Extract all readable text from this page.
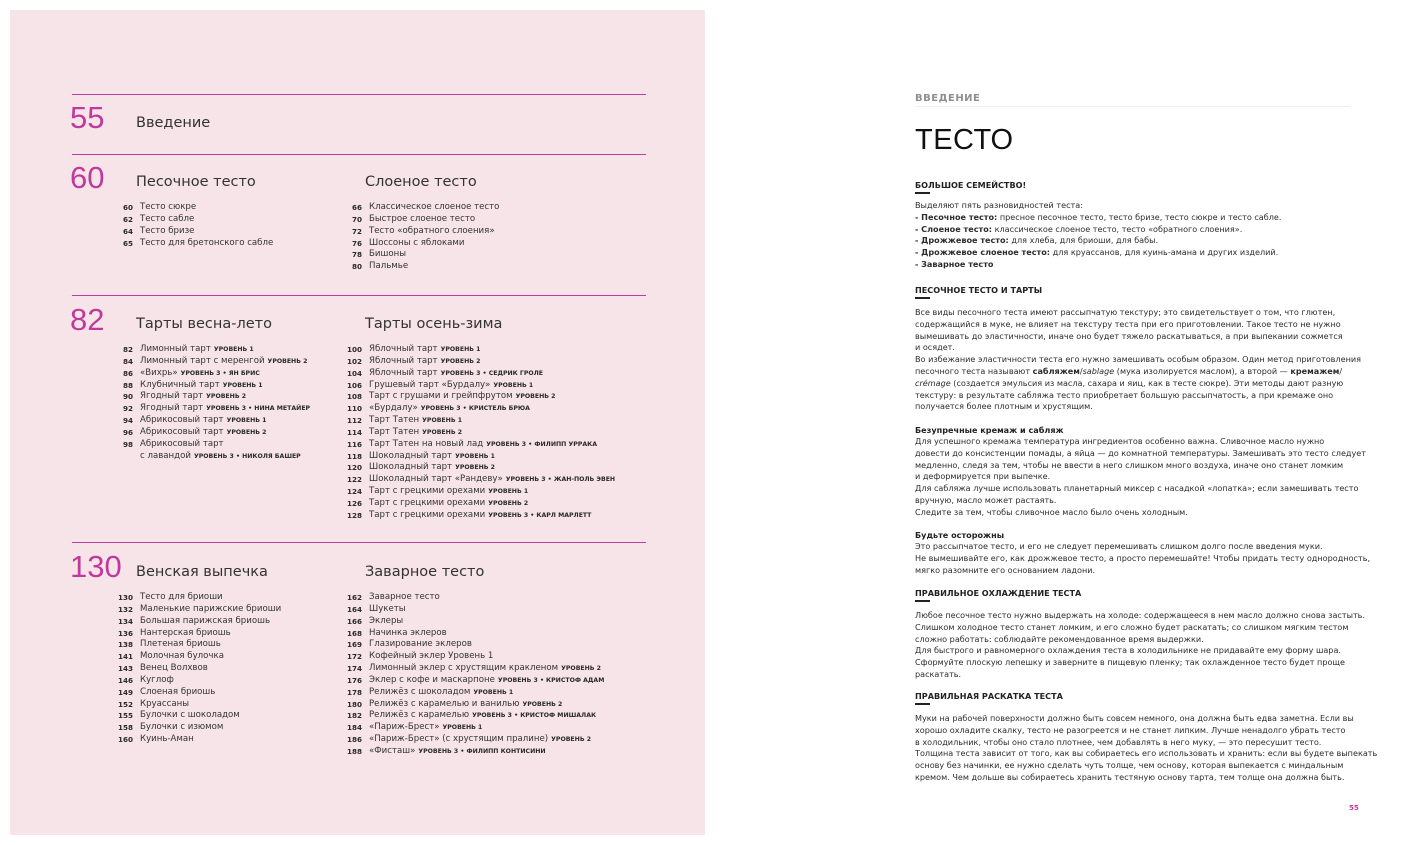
55 Введение
60 Песочное тесто	Слоеное тесто
60 Тесто сюкре
62 Тесто сабле
64 Тесто бризе
65 Тесто для бретонского сабле
66 Классическое слоеное тесто
70 Быстрое слоеное тесто
72 Тесто «обратного слоения»
76 Шоссоны с яблоками
78 Бишоны
80 Пальмье
82 Тарты весна-лето	Тарты осень-зима
82 Лимонный тарт УРОВЕНЬ 1
84 Лимонный тарт с меренгой УРОВЕНЬ 2
86 «Вихрь» УРОВЕНЬ 3 • ЯН БРИС
88 Клубничный тарт УРОВЕНЬ 1
90 Ягодный тарт УРОВЕНЬ 2
92 Ягодный тарт УРОВЕНЬ 3 • НИНА МЕТАЙЕР
94 Абрикосовый тарт УРОВЕНЬ 1
96 Абрикосовый тарт УРОВЕНЬ 2
98 Абрикосовый тарт
с лавандой УРОВЕНЬ 3 • НИКОЛЯ БАШЕР
100 Яблочный тарт УРОВЕНЬ 1
102 Яблочный тарт УРОВЕНЬ 2
104 Яблочный тарт УРОВЕНЬ 3 • СЕДРИК ГРОЛЕ
106 Грушевый тарт «Бурдалу» УРОВЕНЬ 1
108 Тарт с грушами и грейпфрутом УРОВЕНЬ 2
110 «Бурдалу» УРОВЕНЬ 3 • КРИСТЕЛЬ БРЮА
112 Тарт Татен УРОВЕНЬ 1
114 Тарт Татен УРОВЕНЬ 2
116 Тарт Татен на новый лад УРОВЕНЬ 3 • ФИЛИПП УРРАКА
118 Шоколадный тарт УРОВЕНЬ 1
120 Шоколадный тарт УРОВЕНЬ 2
122 Шоколадный тарт «Рандеву» УРОВЕНЬ 3 • ЖАН-ПОЛЬ ЭВЕН
124 Тарт с грецкими орехами УРОВЕНЬ 1
126 Тарт с грецкими орехами УРОВЕНЬ 2
128 Тарт с грецкими орехами УРОВЕНЬ 3 • КАРЛ МАРЛЕТТ
130 Венская выпечка	Заварное тесто
130 Тесто для бриоши
132 Маленькие парижские бриоши
134 Большая парижская бриошь
136 Нантерская бриошь
138 Плетеная бриошь
141 Молочная булочка
143 Венец Волхвов
146 Куглоф
149 Слоеная бриошь
152 Круассаны
155 Булочки с шоколадом
158 Булочки с изюмом
160 Куинь-Аман
162 Заварное тесто
164 Шукеты
166 Эклеры
168 Начинка эклеров
169 Глазирование эклеров
172 Кофейный эклер Уровень 1
174 Лимонный эклер с хрустящим кракленом УРОВЕНЬ 2
176 Эклер с кофе и маскарпоне УРОВЕНЬ 3 • КРИСТОФ АДАМ
178 Релижёз с шоколадом УРОВЕНЬ 1
180 Релижёз с карамелью и ванилью УРОВЕНЬ 2
182 Релижёз с карамелью УРОВЕНЬ 3 • КРИСТОФ МИШАЛАК
184 «Париж-Брест» УРОВЕНЬ 1
186 «Париж-Брест» (с хрустящим пралине) УРОВЕНЬ 2
188 «Фисташ» УРОВЕНЬ 3 • ФИЛИПП КОНТИСИНИ
ВВЕДЕНИЕ
ТЕСТО
БОЛЬШОЕ СЕМЕЙСТВО!
Выделяют пять разновидностей теста:
- Песочное тесто: пресное песочное тесто, тесто бризе, тесто сюкре и тесто сабле.
- Слоеное тесто: классическое слоеное тесто, тесто «обратного слоения».
- Дрожжевое тесто: для хлеба, для бриоши, для бабы.
- Дрожжевое слоеное тесто: для круассанов, для куинь-амана и других изделий.
- Заварное тесто
ПЕСОЧНОЕ ТЕСТО И ТАРТЫ
Все виды песочного теста имеют рассыпчатую текстуру; это свидетельствует о том, что глютен,
содержащийся в муке, не влияет на текстуру теста при его приготовлении. Такое тесто не нужно
вымешивать до эластичности, иначе оно будет тяжело раскатываться, а при выпекании сожмется
и осядет.
Во избежание эластичности теста его нужно замешивать особым образом. Один метод приготовления
песочного теста называют сабляжем/sablage (мука изолируется маслом), а второй — кремажем/
crémage (создается эмульсия из масла, сахара и яиц, как в тесте сюкре). Эти методы дают разную
текстуру: в результате сабляжа тесто приобретает большую рассыпчатость, а при кремаже оно
получается более плотным и хрустящим.
Безупречные кремаж и сабляж
Для успешного кремажа температура ингредиентов особенно важна. Сливочное масло нужно
довести до консистенции помады, а яйца — до комнатной температуры. Замешивать это тесто следует
медленно, следя за тем, чтобы не ввести в него слишком много воздуха, иначе оно станет ломким
и деформируется при выпечке.
Для сабляжа лучше использовать планетарный миксер с насадкой «лопатка»; если замешивать тесто
вручную, масло может растаять.
Следите за тем, чтобы сливочное масло было очень холодным.
Будьте осторожны
Это рассыпчатое тесто, и его не следует перемешивать слишком долго после введения муки.
Не вымешивайте его, как дрожжевое тесто, а просто перемешайте! Чтобы придать тесту однородность,
мягко разомните его основанием ладони.
ПРАВИЛЬНОЕ ОХЛАЖДЕНИЕ ТЕСТА
Любое песочное тесто нужно выдержать на холоде: содержащееся в нем масло должно снова застыть.
Слишком холодное тесто станет ломким, и его сложно будет раскатать; со слишком мягким тестом
сложно работать: соблюдайте рекомендованное время выдержки.
Для быстрого и равномерного охлаждения теста в холодильнике не придавайте ему форму шара.
Сформуйте плоскую лепешку и заверните в пищевую пленку; так охлажденное тесто будет проще
раскатать.
ПРАВИЛЬНАЯ РАСКАТКА ТЕСТА
Муки на рабочей поверхности должно быть совсем немного, она должна быть едва заметна. Если вы
хорошо охладите скалку, тесто не разогреется и не станет липким. Лучше ненадолго убрать тесто
в холодильник, чтобы оно стало плотнее, чем добавлять в него муку, — это пересушит тесто.
Толщина теста зависит от того, как вы собираетесь его использовать и хранить: если вы будете выпекать
основу без начинки, ее нужно сделать чуть толще, чем основу, которая выпекается с миндальным
кремом. Чем дольше вы собираетесь хранить тестяную основу тарта, тем толще она должна быть.
55
